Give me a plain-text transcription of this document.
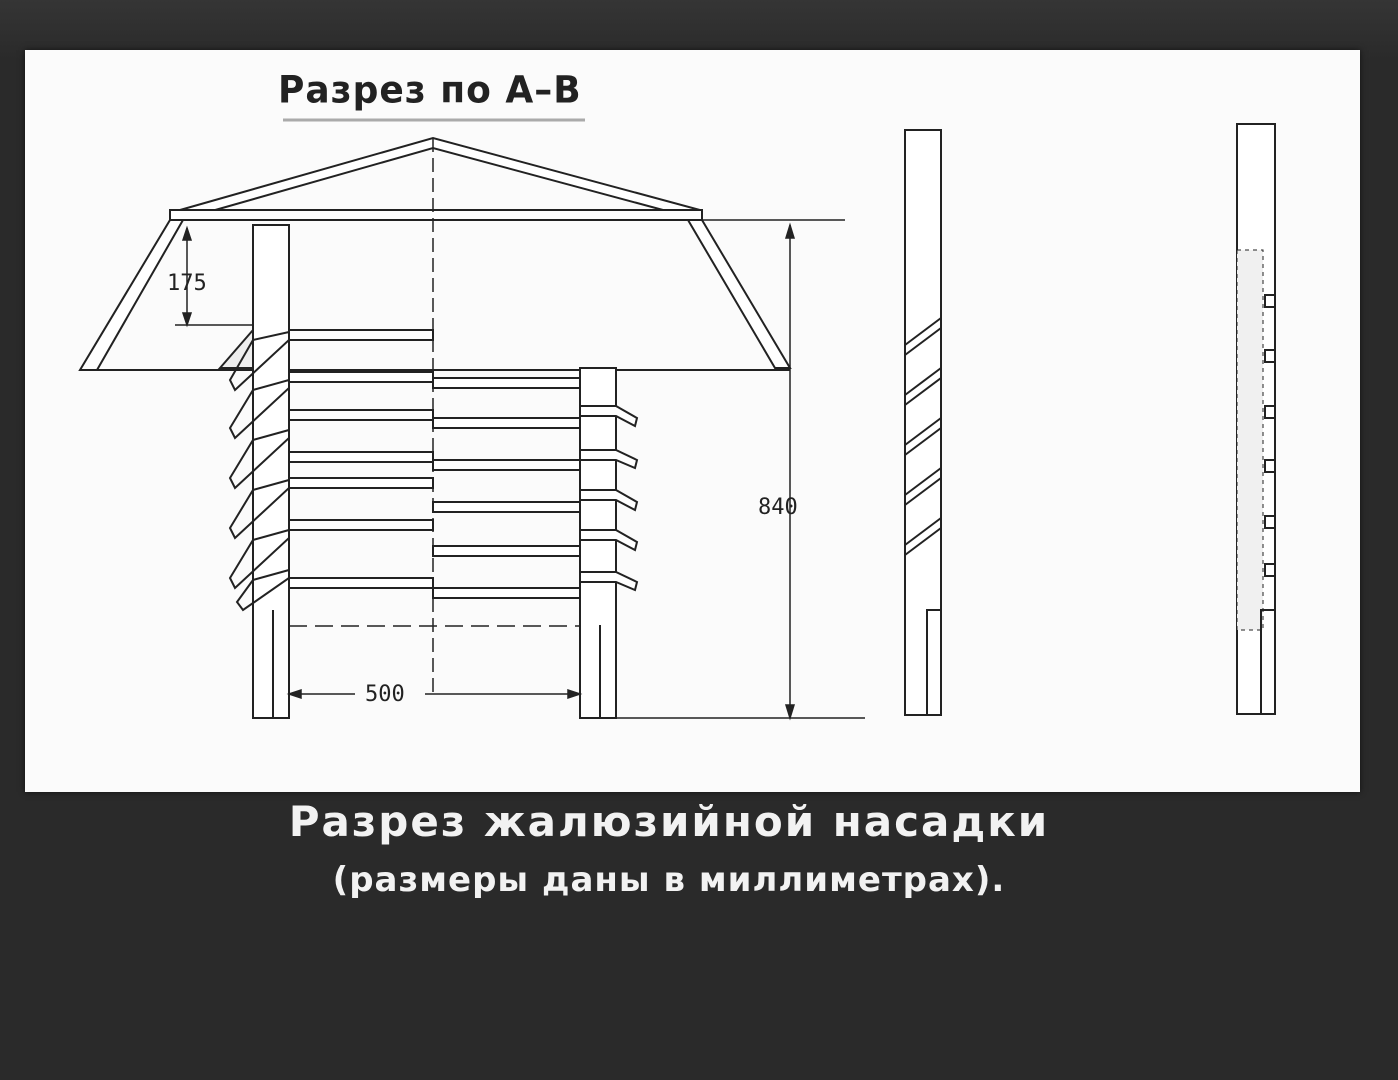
175
840
500
Разрез по А–В
Разрез жалюзийной насадки
(размеры даны в миллиметрах).
